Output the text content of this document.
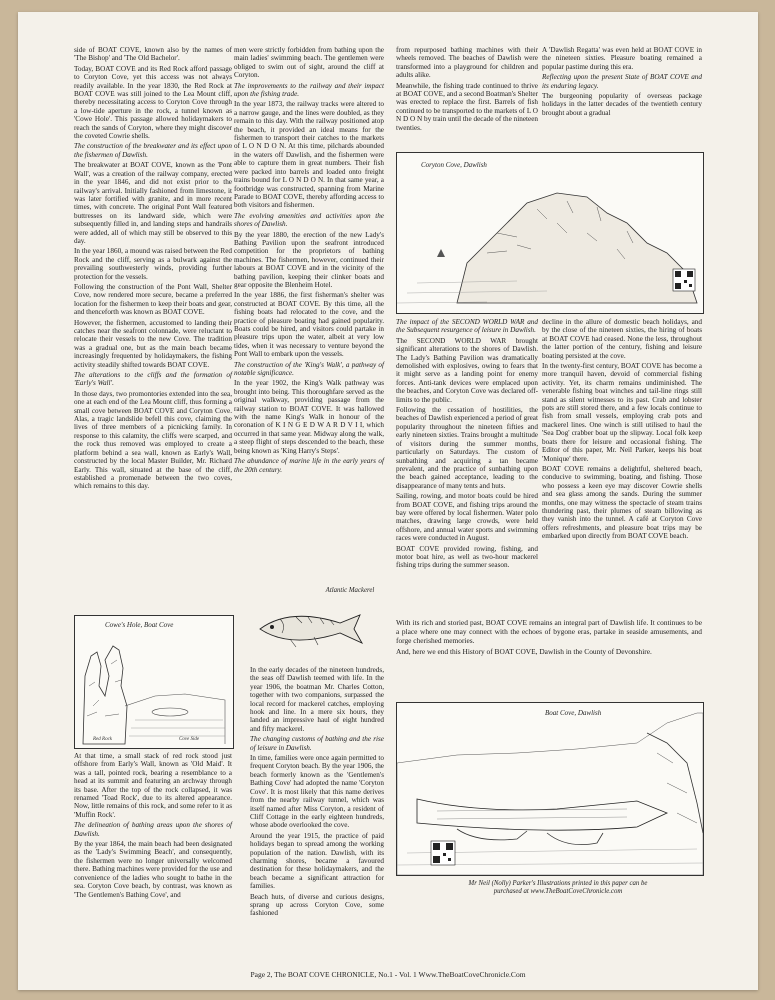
side of BOAT COVE, known also by the names of 'The Bishop' and 'The Old Bachelor'.

Today, BOAT COVE and its Red Rock afford passage to Coryton Cove, yet this access was not always readily available. In the year 1830, the Red Rock at BOAT COVE was still joined to the Lea Mount cliff, thereby necessitating access to Coryton Cove through a low-tide aperture in the rock, a tunnel known as 'Cowe Hole'. This passage allowed holidaymakers to reach the sands of Coryton, where they might discover the coveted Cowrie shells.

The construction of the breakwater and its effect upon the fishermen of Dawlish.

The breakwater at BOAT COVE, known as the 'Pont Wall', was a creation of the railway company, erected in the year 1846, and did not exist prior to the railway's arrival. Initially fashioned from limestone, it was later fortified with granite, and in more recent times, with concrete. The original Pont Wall featured buttresses on its landward side, which were subsequently filled in, and landing steps and handrails were added, all of which may still be observed to this day.

In the year 1860, a mound was raised between the Red Rock and the cliff, serving as a bulwark against the prevailing southwesterly winds, providing further protection for the vessels.

Following the construction of the Pont Wall, Shelter Cove, now rendered more secure, became a preferred location for the fishermen to keep their boats and gear, and thenceforth was known as BOAT COVE.

However, the fishermen, accustomed to landing their catches near the seafront colonnade, were reluctant to relocate their vessels to the new Cove. The tradition was a gradual one, but as the main beach became increasingly frequented by holidaymakers, the fishing activity steadily shifted towards BOAT COVE.

The alterations to the cliffs and the formation of 'Early's Wall'.

In those days, two promontories extended into the sea, one at each end of the Lea Mount cliff, thus forming a small cove between BOAT COVE and Coryton Cove. Alas, a tragic landslide befell this cove, claiming the lives of three members of a picnicking family. In response to this calamity, the cliffs were scarped, and the rock thus removed was employed to create a platform behind a sea wall, known as Early's Wall, constructed by the local Master Builder, Mr. Richard Early. This wall, situated at the base of the cliff, established a promenade between the two coves, which remains to this day.

Cowe's Hole, Boat Cove
Red Rock	Cove Side

At that time, a small stack of red rock stood just offshore from Early's Wall, known as 'Old Maid'. It was a tall, pointed rock, bearing a resemblance to a head at its summit and featuring an archway through its base. After the top of the rock collapsed, it was renamed 'Toad Rock', due to its altered appearance. Now, little remains of this rock, and some refer to it as 'Muffin Rock'.

The delineation of bathing areas upon the shores of Dawlish.

By the year 1864, the main beach had been designated as the 'Lady's Swimming Beach', and consequently, the fishermen were no longer universally welcomed there. Bathing machines were provided for the use and convenience of the ladies who sought to bathe in the sea. Coryton Cove beach, by contrast, was known as 'The Gentlemen's Bathing Cove', and

men were strictly forbidden from bathing upon the main ladies' swimming beach. The gentlemen were obliged to swim out of sight, around the cliff at Coryton.

The improvements to the railway and their impact upon the fishing trade.

In the year 1873, the railway tracks were altered to a narrow gauge, and the lines were doubled, as they remain to this day. With the railway positioned atop the beach, it provided an ideal means for the fishermen to transport their catches to the markets of L O N D O N. At this time, pilchards abounded in the waters off Dawlish, and the fishermen were able to capture them in great numbers. Their fish were packed into barrels and loaded onto freight trains bound for L O N D O N. In that same year, a footbridge was constructed, spanning from Marine Parade to BOAT COVE, thereby affording access to both visitors and fishermen.

The evolving amenities and activities upon the shores of Dawlish.

By the year 1880, the erection of the new Lady's Bathing Pavilion upon the seafront introduced competition for the proprietors of bathing machines. The fishermen, however, continued their labours at BOAT COVE and in the vicinity of the bathing pavilion, keeping their clinker boats and gear opposite the Blenheim Hotel.

In the year 1886, the first fisherman's shelter was constructed at BOAT COVE. By this time, all the fishing boats had relocated to the cove, and the practice of pleasure boating had gained popularity. Boats could be hired, and visitors could partake in pleasure trips upon the water, albeit at very low tides, when it was necessary to venture beyond the Pont Wall to embark upon the vessels.

The construction of the 'King's Walk', a pathway of notable significance.

In the year 1902, the King's Walk pathway was brought into being. This thoroughfare served as the original walkway, providing passage from the railway station to BOAT COVE. It was hallowed with the name King's Walk in honour of the coronation of K I N G E D W A R D V I I, which occurred in that same year. Midway along the walk, a steep flight of steps descended to the beach, these being known as 'King Harry's Steps'.

The abundance of marine life in the early years of the 20th century.

Atlantic Mackerel

In the early decades of the nineteen hundreds, the seas off Dawlish teemed with life. In the year 1906, the boatman Mr. Charles Cotton, together with two companions, surpassed the local record for mackerel catches, employing hook and line. In a mere six hours, they landed an impressive haul of eight hundred and fifty mackerel.

The changing customs of bathing and the rise of leisure in Dawlish.

In time, families were once again permitted to frequent Coryton beach. By the year 1906, the beach formerly known as the 'Gentlemen's Bathing Cove' had adopted the name 'Coryton Cove'. It is most likely that this name derives from the nearby railway tunnel, which was itself named after Miss Coryton, a resident of Cliff Cottage in the early eighteen hundreds, whose abode overlooked the cove.

Around the year 1915, the practice of paid holidays began to spread among the working population of the nation. Dawlish, with its charming shores, became a favoured destination for these holidaymakers, and the beach became a significant attraction for families.

Beach huts, of diverse and curious designs, sprang up across Coryton Cove, some fashioned

from repurposed bathing machines with their wheels removed. The beaches of Dawlish were transformed into a playground for children and adults alike.

Meanwhile, the fishing trade continued to thrive at BOAT COVE, and a second Boatman's Shelter was erected to replace the first. Barrels of fish continued to be transported to the markets of L O N D O N by train until the decade of the nineteen twenties.

A 'Dawlish Regatta' was even held at BOAT COVE in the nineteen sixties. Pleasure boating remained a popular pastime during this era.

Reflecting upon the present State of BOAT COVE and its enduring legacy.

The burgeoning popularity of overseas package holidays in the latter decades of the twentieth century brought about a gradual

Coryton Cove, Dawlish

The impact of the SECOND WORLD WAR and the Subsequent resurgence of leisure in Dawlish.

The SECOND WORLD WAR brought significant alterations to the shores of Dawlish. The Lady's Bathing Pavilion was dramatically demolished with explosives, owing to fears that it might serve as a landing point for enemy forces. Anti-tank devices were emplaced upon the beaches, and Coryton Cove was declared off-limits to the public.

Following the cessation of hostilities, the beaches of Dawlish experienced a period of great popularity throughout the nineteen fifties and early nineteen sixties. Trains brought a multitude of visitors during the summer months, particularly on Saturdays. The custom of sunbathing and acquiring a tan became prevalent, and the practice of sunbathing upon the beach gained acceptance, leading to the disappearance of many tents and huts.

Sailing, rowing, and motor boats could be hired from BOAT COVE, and fishing trips around the bay were offered by local fishermen. Water polo matches, drawing large crowds, were held offshore, and annual water sports and swimming races were conducted in August.

BOAT COVE provided rowing, fishing, and motor boat hire, as well as two-hour mackerel fishing trips during the summer season.

decline in the allure of domestic beach holidays, and by the close of the nineteen sixties, the hiring of boats at BOAT COVE had ceased. None the less, throughout the latter portion of the century, fishing and leisure boating persisted at the cove.

In the twenty-first century, BOAT COVE has become a more tranquil haven, devoid of commercial fishing activity. Yet, its charm remains undiminished. The venerable fishing boat winches and tail-line rings still stand as silent witnesses to its past. Crab and lobster pots are still stored there, and a few locals continue to fish from small vessels, employing crab pots and mackerel lines. One winch is still utilised to haul the 'Sea Dog' crabber boat up the slipway. Local folk keep boats there for leisure and occasional fishing. The Editor of this paper, Mr. Neil Parker, keeps his boat 'Monique' there.

BOAT COVE remains a delightful, sheltered beach, conducive to swimming, boating, and fishing. Those who possess a keen eye may discover Cowrie shells and sea glass among the sands. During the summer months, one may witness the spectacle of steam trains thundering past, their plumes of steam billowing as they vanish into the tunnel. A café at Coryton Cove offers refreshments, and pleasure boat trips may be embarked upon directly from BOAT COVE beach.

With its rich and storied past, BOAT COVE remains an integral part of Dawlish life. It continues to be a place where one may connect with the echoes of bygone eras, partake in seaside amusements, and forge cherished memories.

And, here we end this History of BOAT COVE, Dawlish in the County of Devonshire.

Boat Cove, Dawlish
Mr Neil (Nolly) Parker's Illustrations printed in this paper can be purchased at www.TheBoatCoveChronicle.com
Page 2, The BOAT COVE CHRONICLE, No.1 - Vol. 1 Www.TheBoatCoveChronicle.Com
